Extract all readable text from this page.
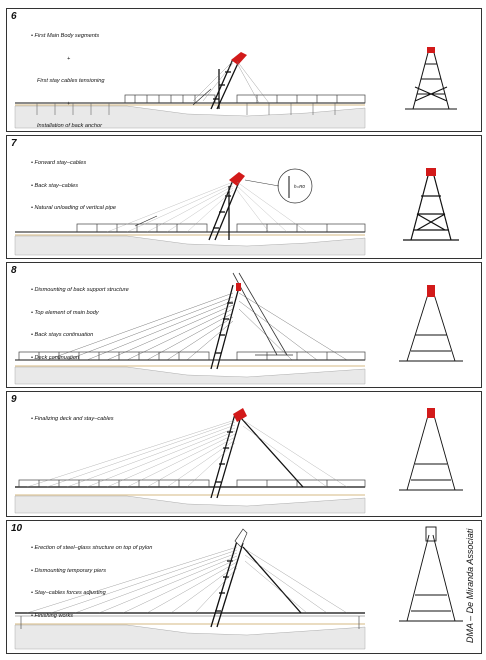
6

• First Main Body segments

+

First stay cables tensioning

+

Installation of back anchor

h=R0
7

• Forward stay–cables

• Back stay–cables

• Natural unloading of vertical pipe

8

• Dismounting of back support structure

• Top element of main body

• Back stays continuation

• Deck continuation

9

• Finalizing deck and stay–cables

10

• Erection of steel–glass structure on top of pylon

• Dismounting temporary piers

• Stay–cables forces adjusting

• Finishing works

	DMA – De Miranda Associati
